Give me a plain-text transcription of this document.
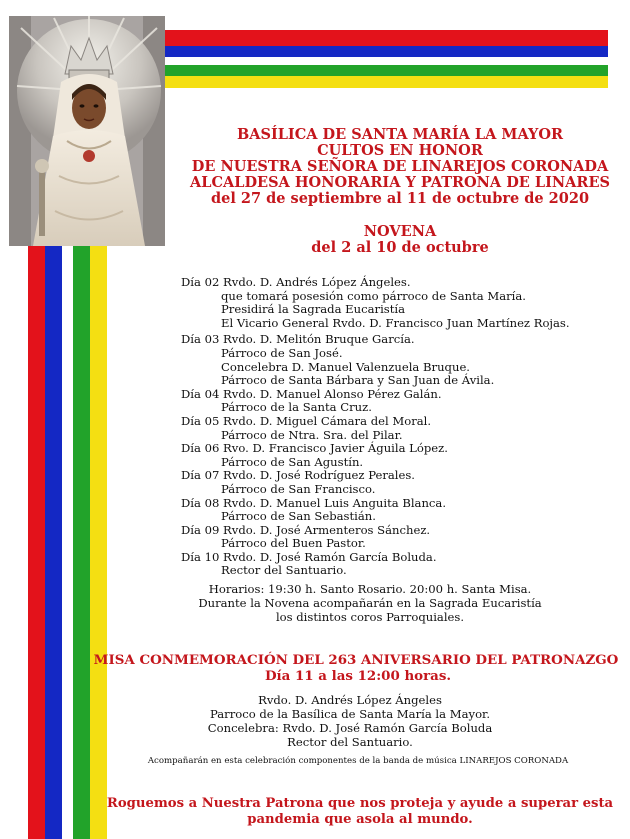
BASÍLICA DE SANTA MARÍA LA MAYOR
CULTOS EN HONOR
DE NUESTRA SEÑORA DE LINAREJOS CORONADA
ALCALDESA HONORARIA Y PATRONA DE LINARES
del 27 de septiembre al 11 de octubre de 2020
NOVENA
del 2 al 10 de octubre
Día 02 Rvdo. D. Andrés López Ángeles.
que tomará posesión como párroco de Santa María.
Presidirá la Sagrada Eucaristía
El Vicario General Rvdo. D. Francisco Juan Martínez Rojas.
Día 03 Rvdo. D. Melitón Bruque García.
Párroco de San José.
Concelebra D. Manuel Valenzuela Bruque.
Párroco de Santa Bárbara y San Juan de Ávila.
Día 04 Rvdo. D. Manuel Alonso Pérez Galán.
Párroco de la Santa Cruz.
Día 05 Rvdo. D. Miguel Cámara del Moral.
Párroco de Ntra. Sra. del Pilar.
Día 06 Rvo. D. Francisco Javier Águila López.
Párroco de San Agustín.
Día 07 Rvdo. D. José Rodríguez Perales.
Párroco de San Francisco.
Día 08 Rvdo. D. Manuel Luis Anguita Blanca.
Párroco de San Sebastián.
Día 09 Rvdo. D. José Armenteros Sánchez.
Párroco del Buen Pastor.
Día 10 Rvdo. D. José Ramón García Boluda.
Rector del Santuario.
Horarios: 19:30 h. Santo Rosario. 20:00 h. Santa Misa.
Durante la Novena acompañarán en la Sagrada Eucaristía
los distintos coros Parroquiales.
MISA CONMEMORACIÓN DEL 263 ANIVERSARIO DEL PATRONAZGO
Día 11 a las 12:00 horas.
Rvdo. D. Andrés López Ángeles
Parroco de la Basílica de Santa María la Mayor.
Concelebra: Rvdo. D. José Ramón García Boluda
Rector del Santuario.
Acompañarán en esta celebración componentes de la banda de música LINAREJOS CORONADA
Roguemos a Nuestra Patrona que nos proteja y ayude a superar esta
pandemia que asola al mundo.
